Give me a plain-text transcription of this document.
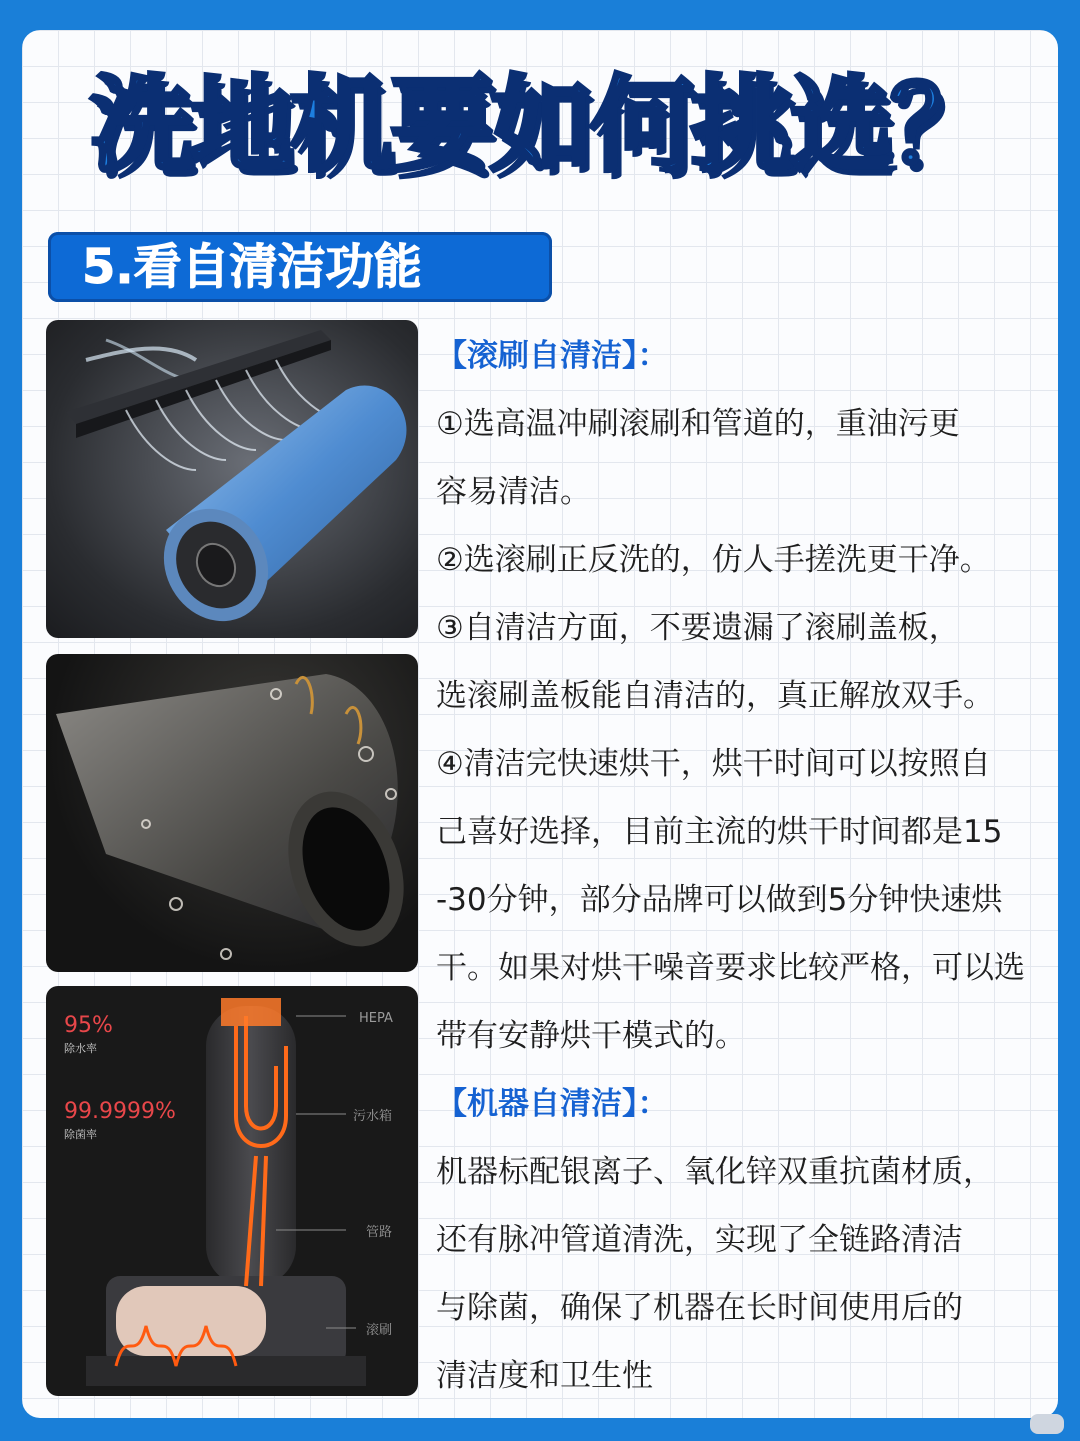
洗地机要如何挑选？
5.看自清洁功能
95%
除水率
99.9999%
除菌率
HEPA
污水箱
管路
滚刷
【滚刷自清洁】：
①选高温冲刷滚刷和管道的，重油污更
容易清洁。
②选滚刷正反洗的，仿人手搓洗更干净。
③自清洁方面，不要遗漏了滚刷盖板，
选滚刷盖板能自清洁的，真正解放双手。
④清洁完快速烘干，烘干时间可以按照自
己喜好选择，目前主流的烘干时间都是15
-30分钟，部分品牌可以做到5分钟快速烘
干。如果对烘干噪音要求比较严格，可以选
带有安静烘干模式的。
【机器自清洁】：
机器标配银离子、氧化锌双重抗菌材质，
还有脉冲管道清洗，实现了全链路清洁
与除菌，确保了机器在长时间使用后的
清洁度和卫生性
